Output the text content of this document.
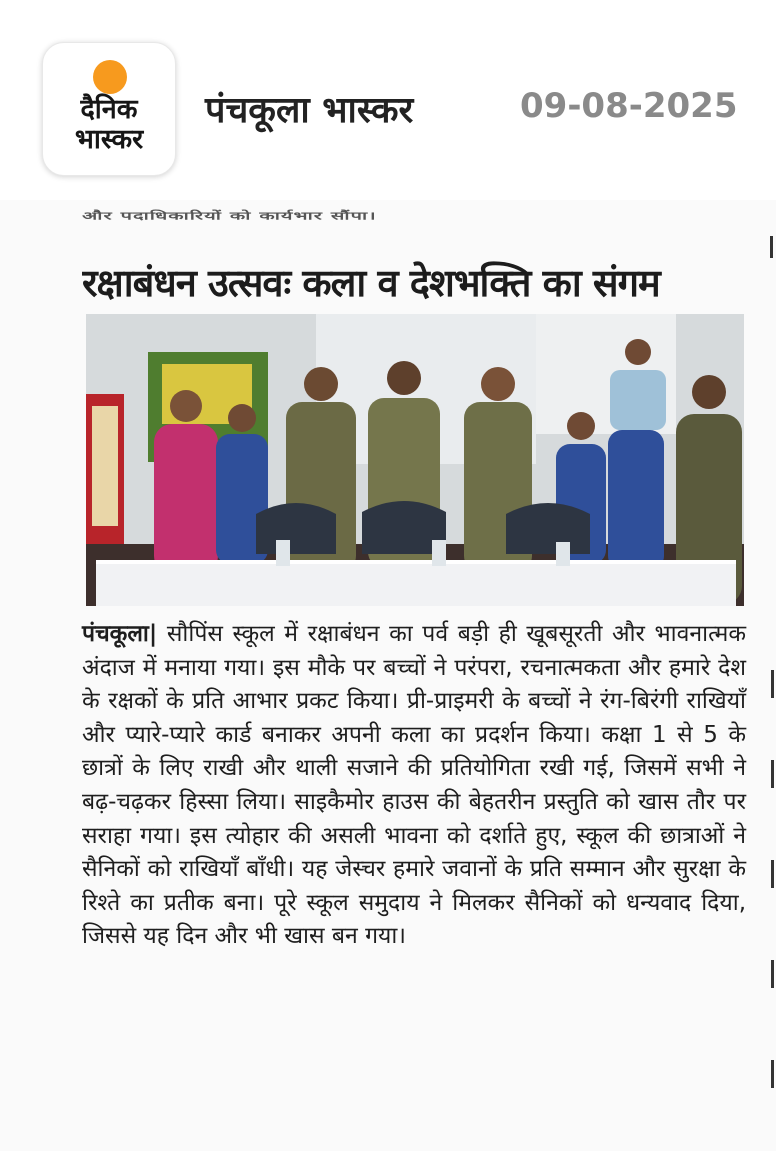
दैनिक
भास्कर
पंचकूला भास्कर	09-08-2025
और पदाधिकारियों को कार्यभार सौंपा।
रक्षाबंधन उत्सवः कला व देशभक्ति का संगम
पंचकूला| सौपिंस स्कूल में रक्षाबंधन का पर्व बड़ी ही खूबसूरती और भावनात्मक अंदाज में मनाया गया। इस मौके पर बच्चों ने परंपरा, रचनात्मकता और हमारे देश के रक्षकों के प्रति आभार प्रकट किया। प्री-प्राइमरी के बच्चों ने रंग-बिरंगी राखियाँ और प्यारे-प्यारे कार्ड बनाकर अपनी कला का प्रदर्शन किया। कक्षा 1 से 5 के छात्रों के लिए राखी और थाली सजाने की प्रतियोगिता रखी गई, जिसमें सभी ने बढ़-चढ़कर हिस्सा लिया। साइकैमोर हाउस की बेहतरीन प्रस्तुति को खास तौर पर सराहा गया। इस त्योहार की असली भावना को दर्शाते हुए, स्कूल की छात्राओं ने सैनिकों को राखियाँ बाँधी। यह जेस्चर हमारे जवानों के प्रति सम्मान और सुरक्षा के रिश्ते का प्रतीक बना। पूरे स्कूल समुदाय ने मिलकर सैनिकों को धन्यवाद दिया, जिससे यह दिन और भी खास बन गया।
